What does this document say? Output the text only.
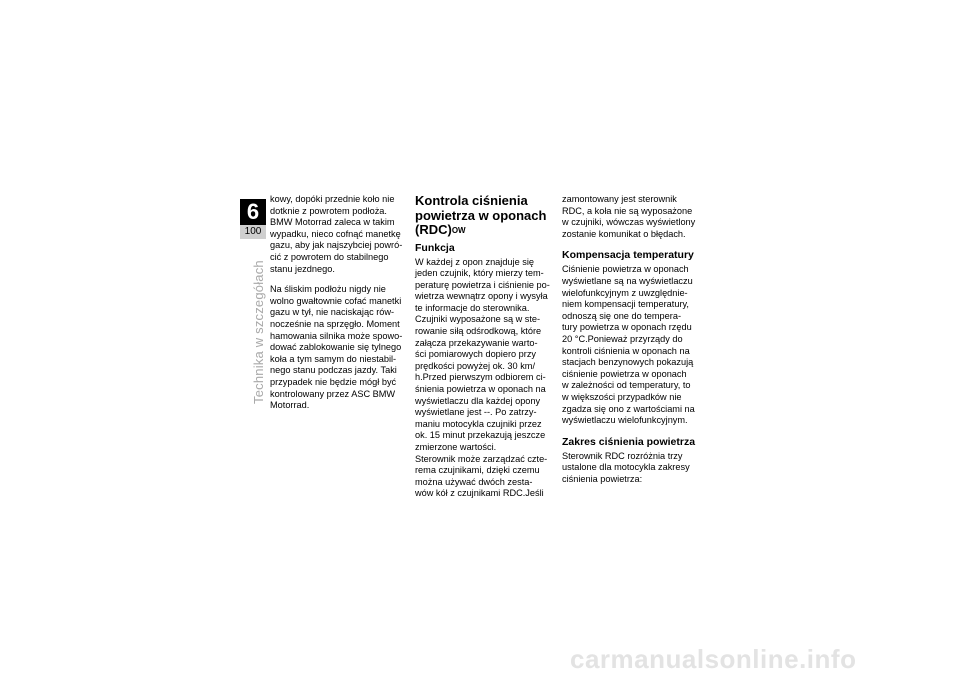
6
100
Technika w szczegółach

kowy, dopóki przednie koło nie
dotknie z powrotem podłoża.
BMW Motorrad zaleca w takim
wypadku, nieco cofnąć manetkę
gazu, aby jak najszybciej powró-
cić z powrotem do stabilnego
stanu jezdnego.

Na śliskim podłożu nigdy nie
wolno gwałtownie cofać manetki
gazu w tył, nie naciskając rów-
nocześnie na sprzęgło. Moment
hamowania silnika może spowo-
dować zablokowanie się tylnego
koła a tym samym do niestabil-
nego stanu podczas jazdy. Taki
przypadek nie będzie mógł być
kontrolowany przez ASC BMW
Motorrad.

Kontrola ciśnienia
powietrza w oponach
(RDC)$^{OW}$
Funkcja

W każdej z opon znajduje się
jeden czujnik, który mierzy tem-
peraturę powietrza i ciśnienie po-
wietrza wewnątrz opony i wysyła
te informacje do sterownika.
Czujniki wyposażone są w ste-
rowanie siłą odśrodkową, które
załącza przekazywanie warto-
ści pomiarowych dopiero przy
prędkości powyżej ok. 30 km/
h.Przed pierwszym odbiorem ci-
śnienia powietrza w oponach na
wyświetlaczu dla każdej opony
wyświetlane jest --. Po zatrzy-
maniu motocykla czujniki przez
ok. 15 minut przekazują jeszcze
zmierzone wartości.
Sterownik może zarządzać czte-
rema czujnikami, dzięki czemu
można używać dwóch zesta-
wów kół z czujnikami RDC.Jeśli

zamontowany jest sterownik
RDC, a koła nie są wyposażone
w czujniki, wówczas wyświetlony
zostanie komunikat o błędach.

Kompensacja temperatury

Ciśnienie powietrza w oponach
wyświetlane są na wyświetlaczu
wielofunkcyjnym z uwzględnie-
niem kompensacji temperatury,
odnoszą się one do tempera-
tury powietrza w oponach rzędu
20 °C.Ponieważ przyrządy do
kontroli ciśnienia w oponach na
stacjach benzynowych pokazują
ciśnienie powietrza w oponach
w zależności od temperatury, to
w większości przypadków nie
zgadza się ono z wartościami na
wyświetlaczu wielofunkcyjnym.

Zakres ciśnienia powietrza

Sterownik RDC rozróżnia trzy
ustalone dla motocykla zakresy
ciśnienia powietrza:

carmanualsonline.info
